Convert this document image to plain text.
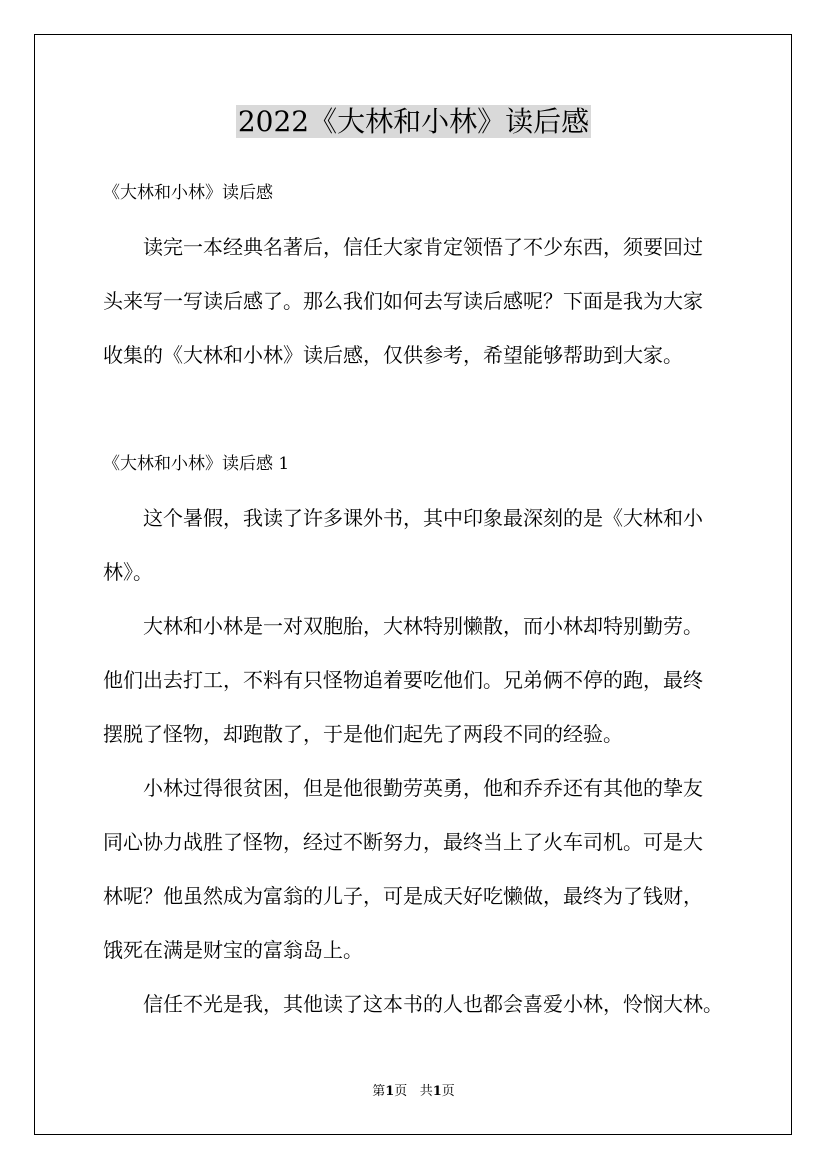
2022《大林和小林》读后感
《大林和小林》读后感
读完一本经典名著后，信任大家肯定领悟了不少东西，须要回过
头来写一写读后感了。那么我们如何去写读后感呢？下面是我为大家
收集的《大林和小林》读后感，仅供参考，希望能够帮助到大家。
《大林和小林》读后感 1
这个暑假，我读了许多课外书，其中印象最深刻的是《大林和小
林》。
大林和小林是一对双胞胎，大林特别懒散，而小林却特别勤劳。
他们出去打工，不料有只怪物追着要吃他们。兄弟俩不停的跑，最终
摆脱了怪物，却跑散了，于是他们起先了两段不同的经验。
小林过得很贫困，但是他很勤劳英勇，他和乔乔还有其他的挚友
同心协力战胜了怪物，经过不断努力，最终当上了火车司机。可是大
林呢？他虽然成为富翁的儿子，可是成天好吃懒做，最终为了钱财，
饿死在满是财宝的富翁岛上。
信任不光是我，其他读了这本书的人也都会喜爱小林，怜悯大林。
第1页 共1页
